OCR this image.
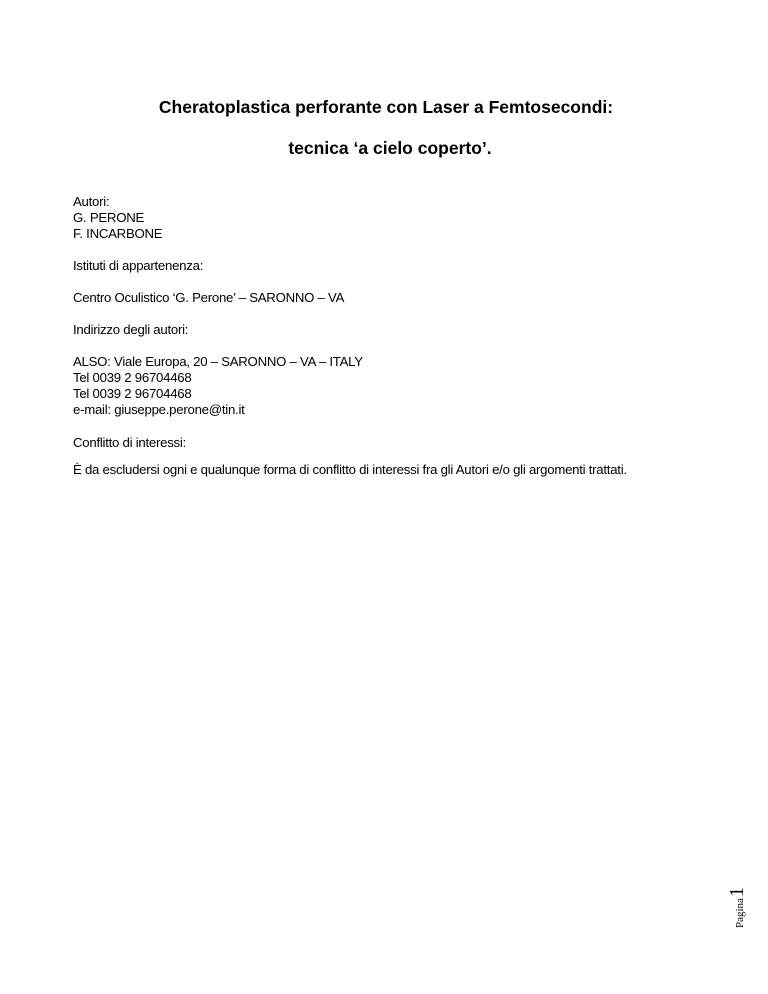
Cheratoplastica perforante con Laser a Femtosecondi:
tecnica ‘a cielo coperto’.
Autori:
G. PERONE
F. INCARBONE
Istituti di appartenenza:
Centro Oculistico ‘G. Perone’ – SARONNO – VA
Indirizzo degli autori:
ALSO: Viale Europa, 20 – SARONNO – VA – ITALY
Tel 0039 2 96704468
Tel 0039 2 96704468
e-mail: giuseppe.perone@tin.it
Conflitto di interessi:
È da escludersi ogni e qualunque forma di conflitto di interessi fra gli Autori e/o gli argomenti trattati.
Pagina
1
